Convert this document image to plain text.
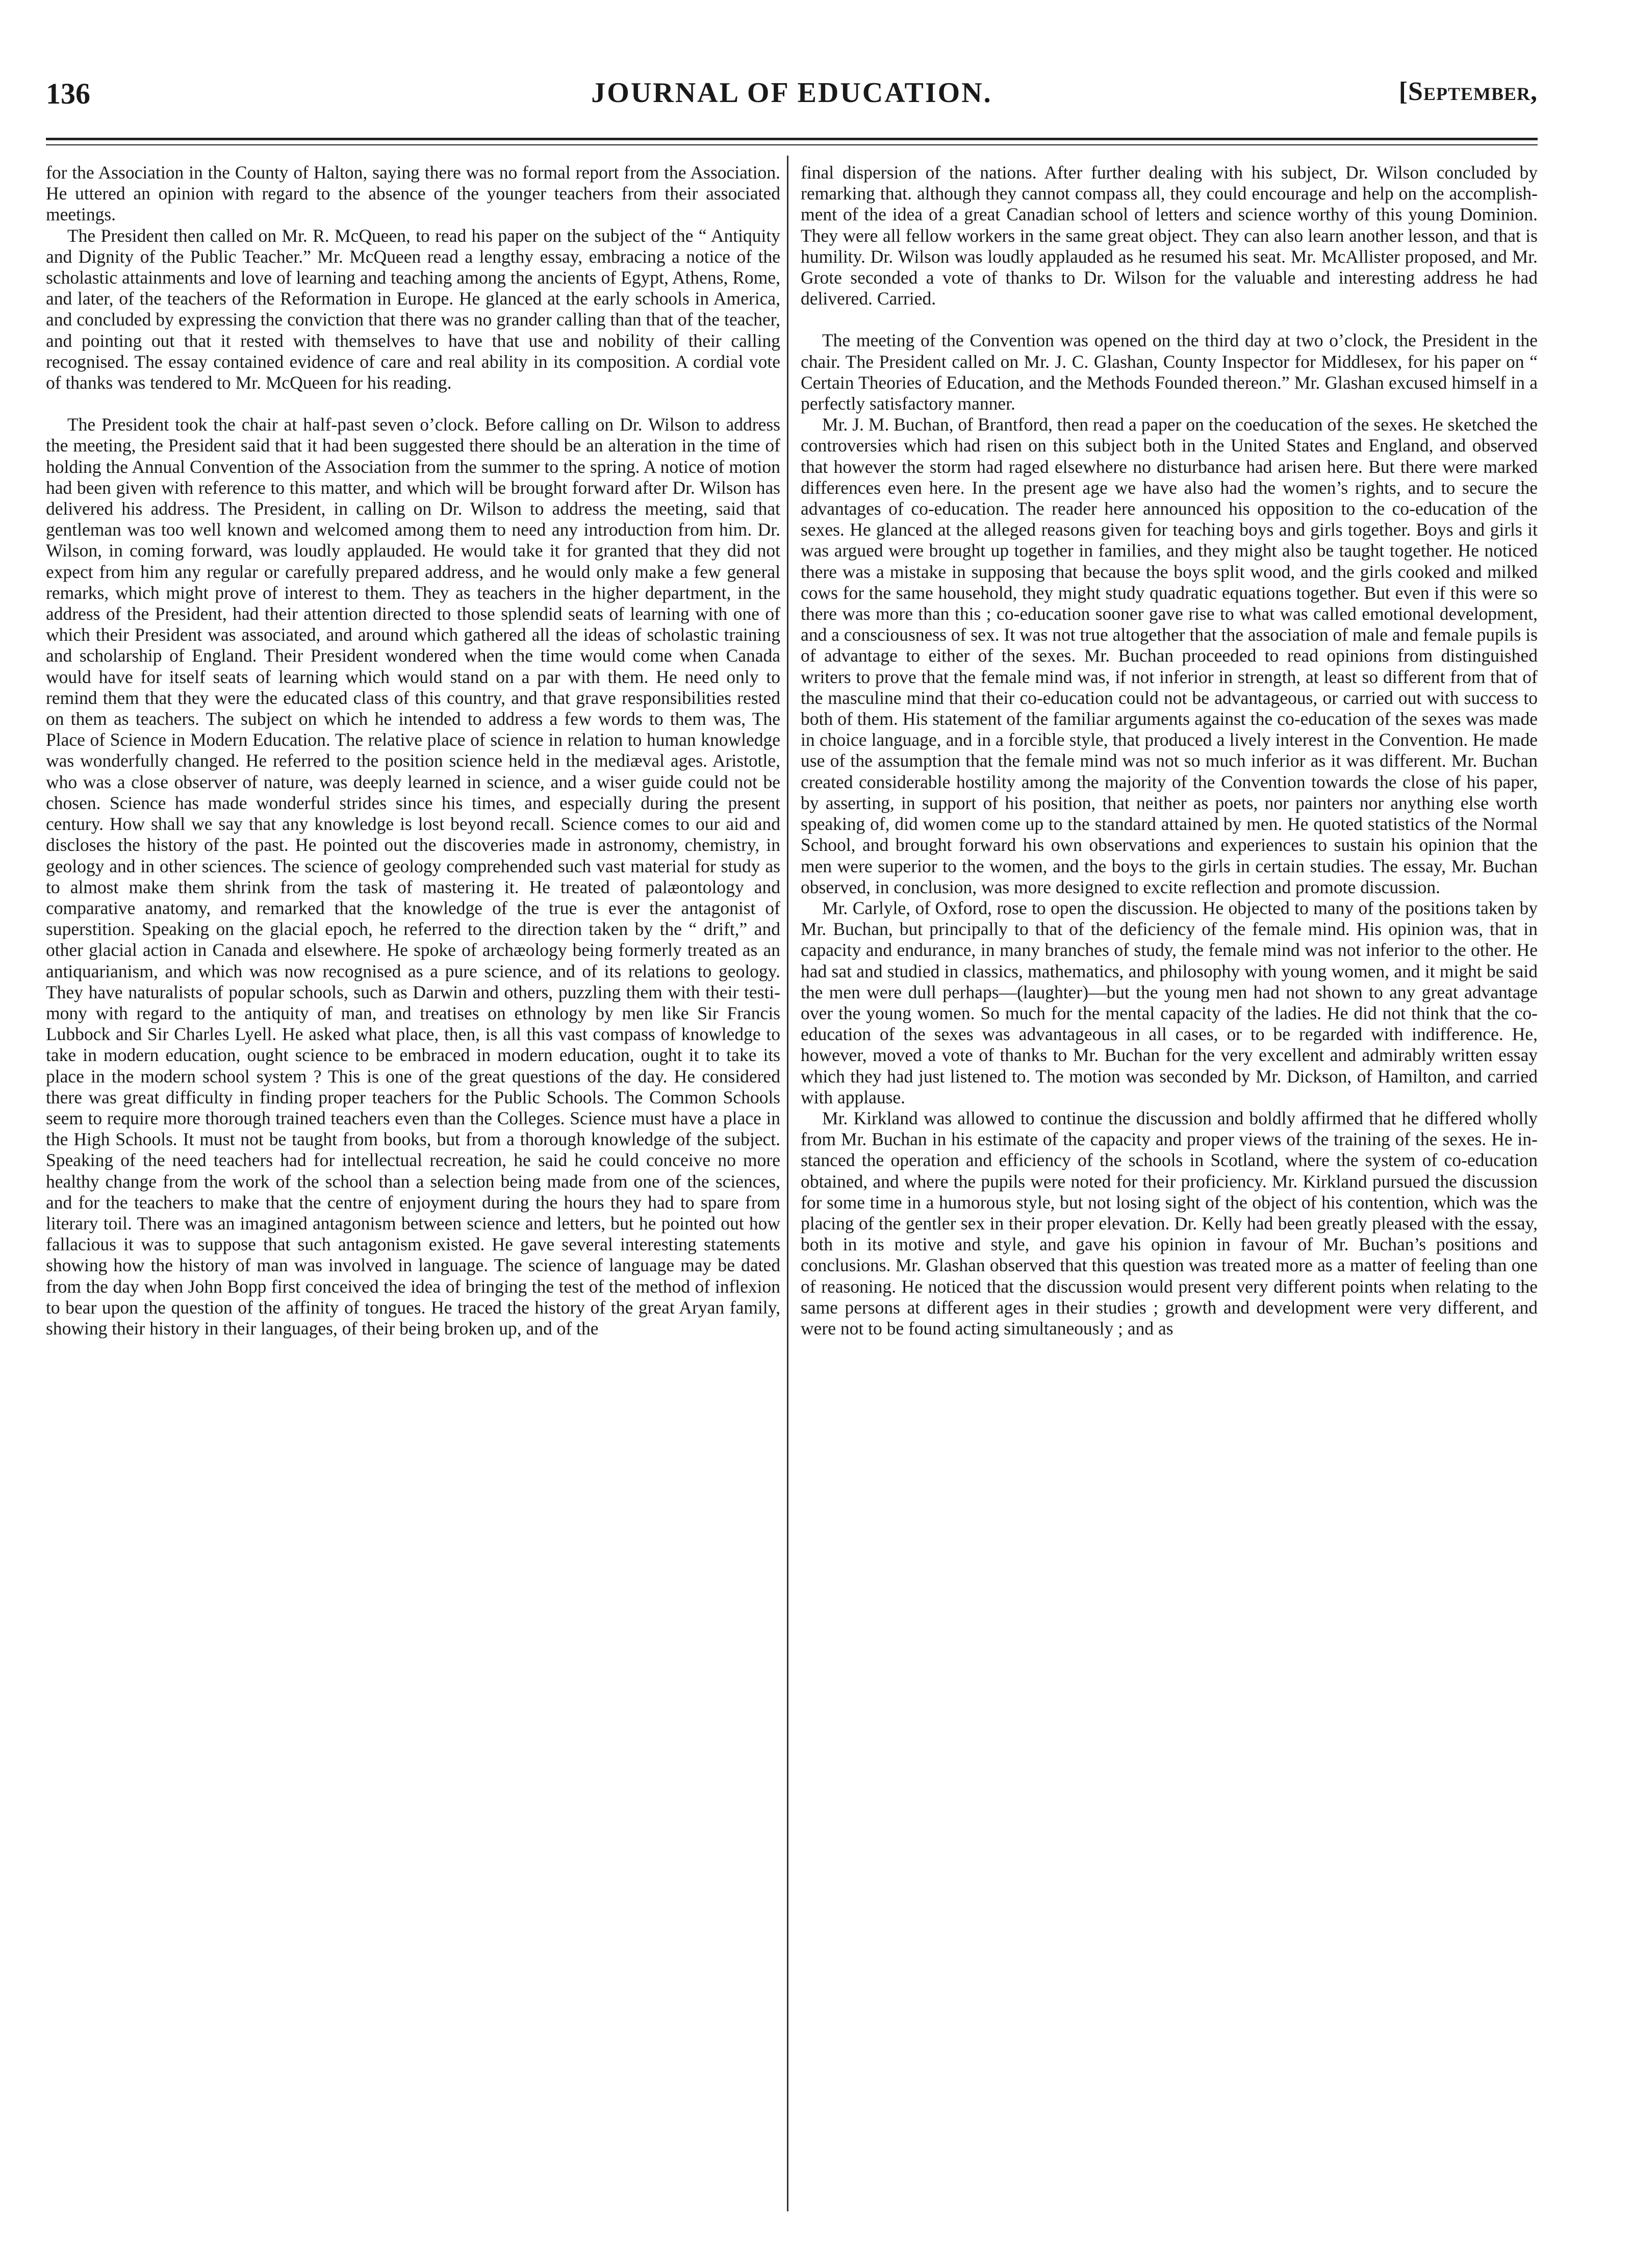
136	JOURNAL OF EDUCATION.	[September,

for the Association in the County of Halton, saying there was no formal report from the Association. He uttered an opinion with regard to the absence of the younger teachers from their associated meetings.

The President then called on Mr. R. McQueen, to read his paper on the subject of the “ Antiquity and Dignity of the Public Teacher.” Mr. McQueen read a lengthy essay, embracing a notice of the scholastic attainments and love of learning and teaching among the ancients of Egypt, Athens, Rome, and later, of the teachers of the Reformation in Europe. He glanced at the early schools in America, and concluded by expressing the conviction that there was no grander calling than that of the teacher, and pointing out that it rested with themselves to have that use and nobility of their calling recognised. The essay contained evidence of care and real ability in its composition. A cordial vote of thanks was tendered to Mr. McQueen for his reading.

The President took the chair at half-past seven o’clock. Before calling on Dr. Wilson to address the meeting, the President said that it had been suggested there should be an alteration in the time of holding the Annual Convention of the Association from the summer to the spring. A notice of motion had been given with reference to this matter, and which will be brought forward after Dr. Wilson has delivered his address. The President, in calling on Dr. Wilson to address the meeting, said that gentleman was too well known and welcomed among them to need any introduction from him. Dr. Wilson, in coming forward, was loudly applauded. He would take it for granted that they did not expect from him any regular or carefully prepared address, and he would only make a few general remarks, which might prove of interest to them. They as teachers in the higher department, in the address of the President, had their attention directed to those splendid seats of learning with one of which their President was associated, and around which gathered all the ideas of scholastic training and scholarship of England. Their President wondered when the time would come when Canada would have for itself seats of learning which would stand on a par with them. He need only to remind them that they were the educated class of this country, and that grave responsibilities rested on them as teachers. The subject on which he intended to address a few words to them was, The Place of Science in Modern Education. The relative place of science in relation to human knowledge was wonderfully changed. He referred to the position science held in the mediæval ages. Aristotle, who was a close observer of nature, was deeply learned in science, and a wiser guide could not be chosen. Science has made wonderful strides since his times, and especially during the present century. How shall we say that any knowledge is lost beyond recall. Science comes to our aid and discloses the history of the past. He pointed out the discoveries made in astronomy, chemistry, in geology and in other sciences. The science of geology comprehended such vast material for study as to almost make them shrink from the task of mastering it. He treated of palæontology and comparative anatomy, and remarked that the knowledge of the true is ever the antagonist of superstition. Speaking on the glacial epoch, he referred to the direction taken by the “ drift,” and other glacial action in Canada and elsewhere. He spoke of archæology being formerly treated as an antiquarianism, and which was now recognised as a pure science, and of its relations to geology. They have naturalists of popular schools, such as Darwin and others, puzzling them with their testimony with regard to the antiquity of man, and treatises on ethnology by men like Sir Francis Lubbock and Sir Charles Lyell. He asked what place, then, is all this vast compass of knowledge to take in modern education, ought science to be embraced in modern education, ought it to take its place in the modern school system ? This is one of the great questions of the day. He considered there was great difficulty in finding proper teachers for the Public Schools. The Common Schools seem to require more thorough trained teachers even than the Colleges. Science must have a place in the High Schools. It must not be taught from books, but from a thorough knowledge of the subject. Speaking of the need teachers had for intellectual recreation, he said he could conceive no more healthy change from the work of the school than a selection being made from one of the sciences, and for the teachers to make that the centre of enjoyment during the hours they had to spare from literary toil. There was an imagined antagonism between science and letters, but he pointed out how fallacious it was to suppose that such antagonism existed. He gave several interesting statements showing how the history of man was involved in language. The science of language may be dated from the day when John Bopp first conceived the idea of bringing the test of the method of inflexion to bear upon the question of the affinity of tongues. He traced the history of the great Aryan family, showing their history in their languages, of their being broken up, and of the

final dispersion of the nations. After further dealing with his subject, Dr. Wilson concluded by remarking that. although they cannot compass all, they could encourage and help on the accomplishment of the idea of a great Canadian school of letters and science worthy of this young Dominion. They were all fellow workers in the same great object. They can also learn another lesson, and that is humility. Dr. Wilson was loudly applauded as he resumed his seat. Mr. McAllister proposed, and Mr. Grote seconded a vote of thanks to Dr. Wilson for the valuable and interesting address he had delivered. Carried.

The meeting of the Convention was opened on the third day at two o’clock, the President in the chair. The President called on Mr. J. C. Glashan, County Inspector for Middlesex, for his paper on “ Certain Theories of Education, and the Methods Founded thereon.” Mr. Glashan excused himself in a perfectly satisfactory manner.

Mr. J. M. Buchan, of Brantford, then read a paper on the coeducation of the sexes. He sketched the controversies which had risen on this subject both in the United States and England, and observed that however the storm had raged elsewhere no disturbance had arisen here. But there were marked differences even here. In the present age we have also had the women’s rights, and to secure the advantages of co-education. The reader here announced his opposition to the co-education of the sexes. He glanced at the alleged reasons given for teaching boys and girls together. Boys and girls it was argued were brought up together in families, and they might also be taught together. He noticed there was a mistake in supposing that because the boys split wood, and the girls cooked and milked cows for the same household, they might study quadratic equations together. But even if this were so there was more than this ; co-education sooner gave rise to what was called emotional development, and a consciousness of sex. It was not true altogether that the association of male and female pupils is of advantage to either of the sexes. Mr. Buchan proceeded to read opinions from distinguished writers to prove that the female mind was, if not inferior in strength, at least so different from that of the masculine mind that their co-education could not be advantageous, or carried out with success to both of them. His statement of the familiar arguments against the co-education of the sexes was made in choice language, and in a forcible style, that produced a lively interest in the Convention. He made use of the assumption that the female mind was not so much inferior as it was different. Mr. Buchan created considerable hostility among the majority of the Convention towards the close of his paper, by asserting, in support of his position, that neither as poets, nor painters nor anything else worth speaking of, did women come up to the standard attained by men. He quoted statistics of the Normal School, and brought forward his own observations and experiences to sustain his opinion that the men were superior to the women, and the boys to the girls in certain studies. The essay, Mr. Buchan observed, in conclusion, was more designed to excite reflection and promote discussion.

Mr. Carlyle, of Oxford, rose to open the discussion. He objected to many of the positions taken by Mr. Buchan, but principally to that of the deficiency of the female mind. His opinion was, that in capacity and endurance, in many branches of study, the female mind was not inferior to the other. He had sat and studied in classics, mathematics, and philosophy with young women, and it might be said the men were dull perhaps—(laughter)—but the young men had not shown to any great advantage over the young women. So much for the mental capacity of the ladies. He did not think that the co-education of the sexes was advantageous in all cases, or to be regarded with indifference. He, however, moved a vote of thanks to Mr. Buchan for the very excellent and admirably written essay which they had just listened to. The motion was seconded by Mr. Dickson, of Hamilton, and carried with applause.

Mr. Kirkland was allowed to continue the discussion and boldly affirmed that he differed wholly from Mr. Buchan in his estimate of the capacity and proper views of the training of the sexes. He instanced the operation and efficiency of the schools in Scotland, where the system of co-education obtained, and where the pupils were noted for their proficiency. Mr. Kirkland pursued the discussion for some time in a humorous style, but not losing sight of the object of his contention, which was the placing of the gentler sex in their proper elevation. Dr. Kelly had been greatly pleased with the essay, both in its motive and style, and gave his opinion in favour of Mr. Buchan’s positions and conclusions. Mr. Glashan observed that this question was treated more as a matter of feeling than one of reasoning. He noticed that the discussion would present very different points when relating to the same persons at different ages in their studies ; growth and development were very different, and were not to be found acting simultaneously ; and as
